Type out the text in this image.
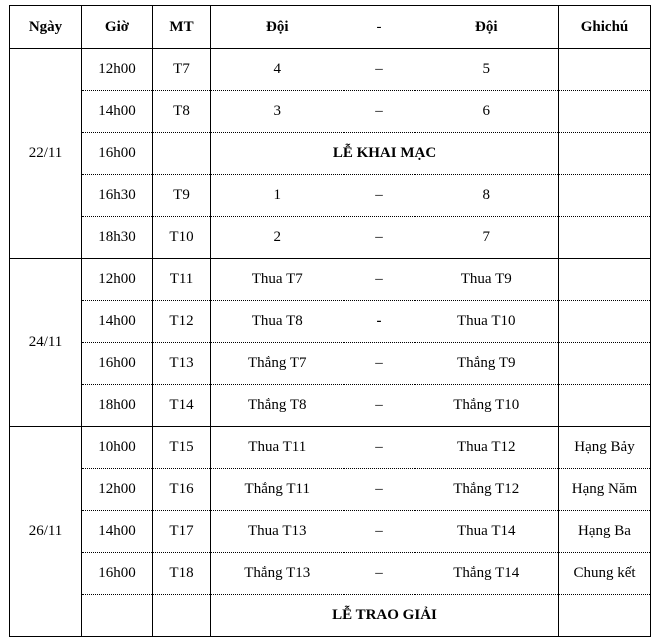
Ngày	Giờ	MT	Đội	-	Đội	Ghichú
22/11	12h00	T7	4	–	5	
	14h00	T8	3	–	6	
	16h00		LỄ KHAI MẠC			
	16h30	T9	1	–	8	
	18h30	T10	2	–	7	
24/11	12h00	T11	Thua T7	–	Thua T9	
	14h00	T12	Thua T8	-	Thua T10	
	16h00	T13	Thắng T7	–	Thắng T9	
	18h00	T14	Thắng T8	–	Thắng T10	
26/11	10h00	T15	Thua T11	–	Thua T12	Hạng Bảy
	12h00	T16	Thắng T11	–	Thắng T12	Hạng Năm
	14h00	T17	Thua T13	–	Thua T14	Hạng Ba
	16h00	T18	Thắng T13	–	Thắng T14	Chung kết
			LỄ TRAO GIẢI			
